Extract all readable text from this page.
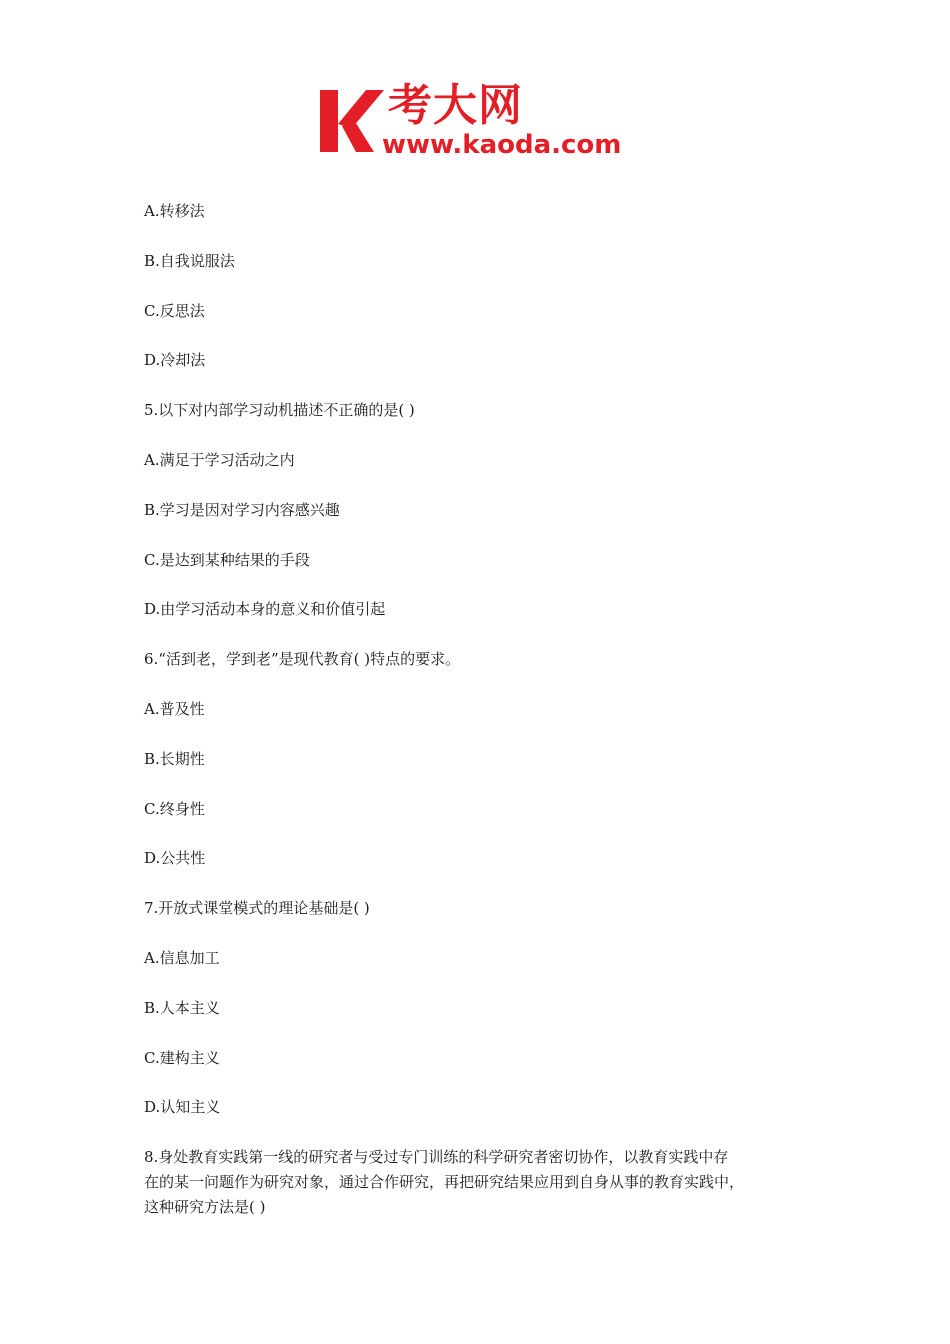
考大网
www.kaoda.com
A.转移法
B.自我说服法
C.反思法
D.冷却法
5.以下对内部学习动机描述不正确的是( )
A.满足于学习活动之内
B.学习是因对学习内容感兴趣
C.是达到某种结果的手段
D.由学习活动本身的意义和价值引起
6.“活到老，学到老”是现代教育( )特点的要求。
A.普及性
B.长期性
C.终身性
D.公共性
7.开放式课堂模式的理论基础是( )
A.信息加工
B.人本主义
C.建构主义
D.认知主义
8.身处教育实践第一线的研究者与受过专门训练的科学研究者密切协作，以教育实践中存
在的某一问题作为研究对象，通过合作研究，再把研究结果应用到自身从事的教育实践中，
这种研究方法是( )
